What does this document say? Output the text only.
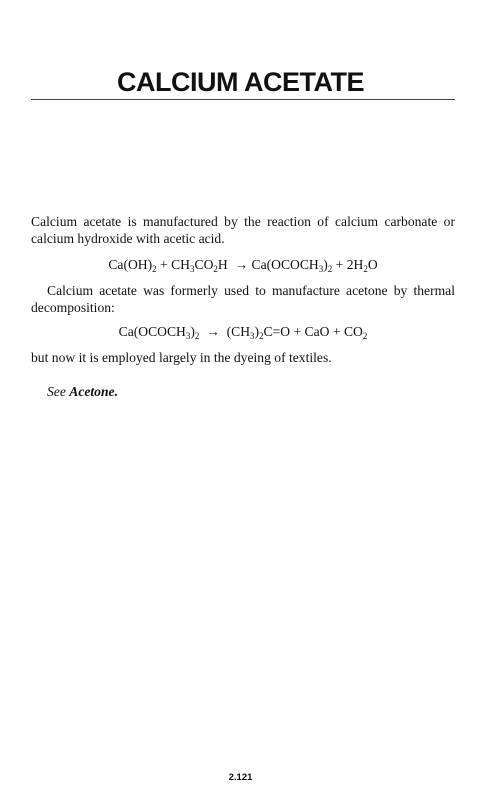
CALCIUM ACETATE

Calcium acetate is manufactured by the reaction of calcium carbonate or calcium hydroxide with acetic acid.

$Ca(OH)_2 + CH_3CO_2H$  → $Ca(OCOCH_3)_2 + 2H_2O$

Calcium acetate was formerly used to manufacture acetone by thermal decomposition:

$Ca(OCOCH_3)_2 \to (CH_3)_2C=O$ + CaO + $CO_2$

but now it is employed largely in the dyeing of textiles.

See Acetone.

2.121
